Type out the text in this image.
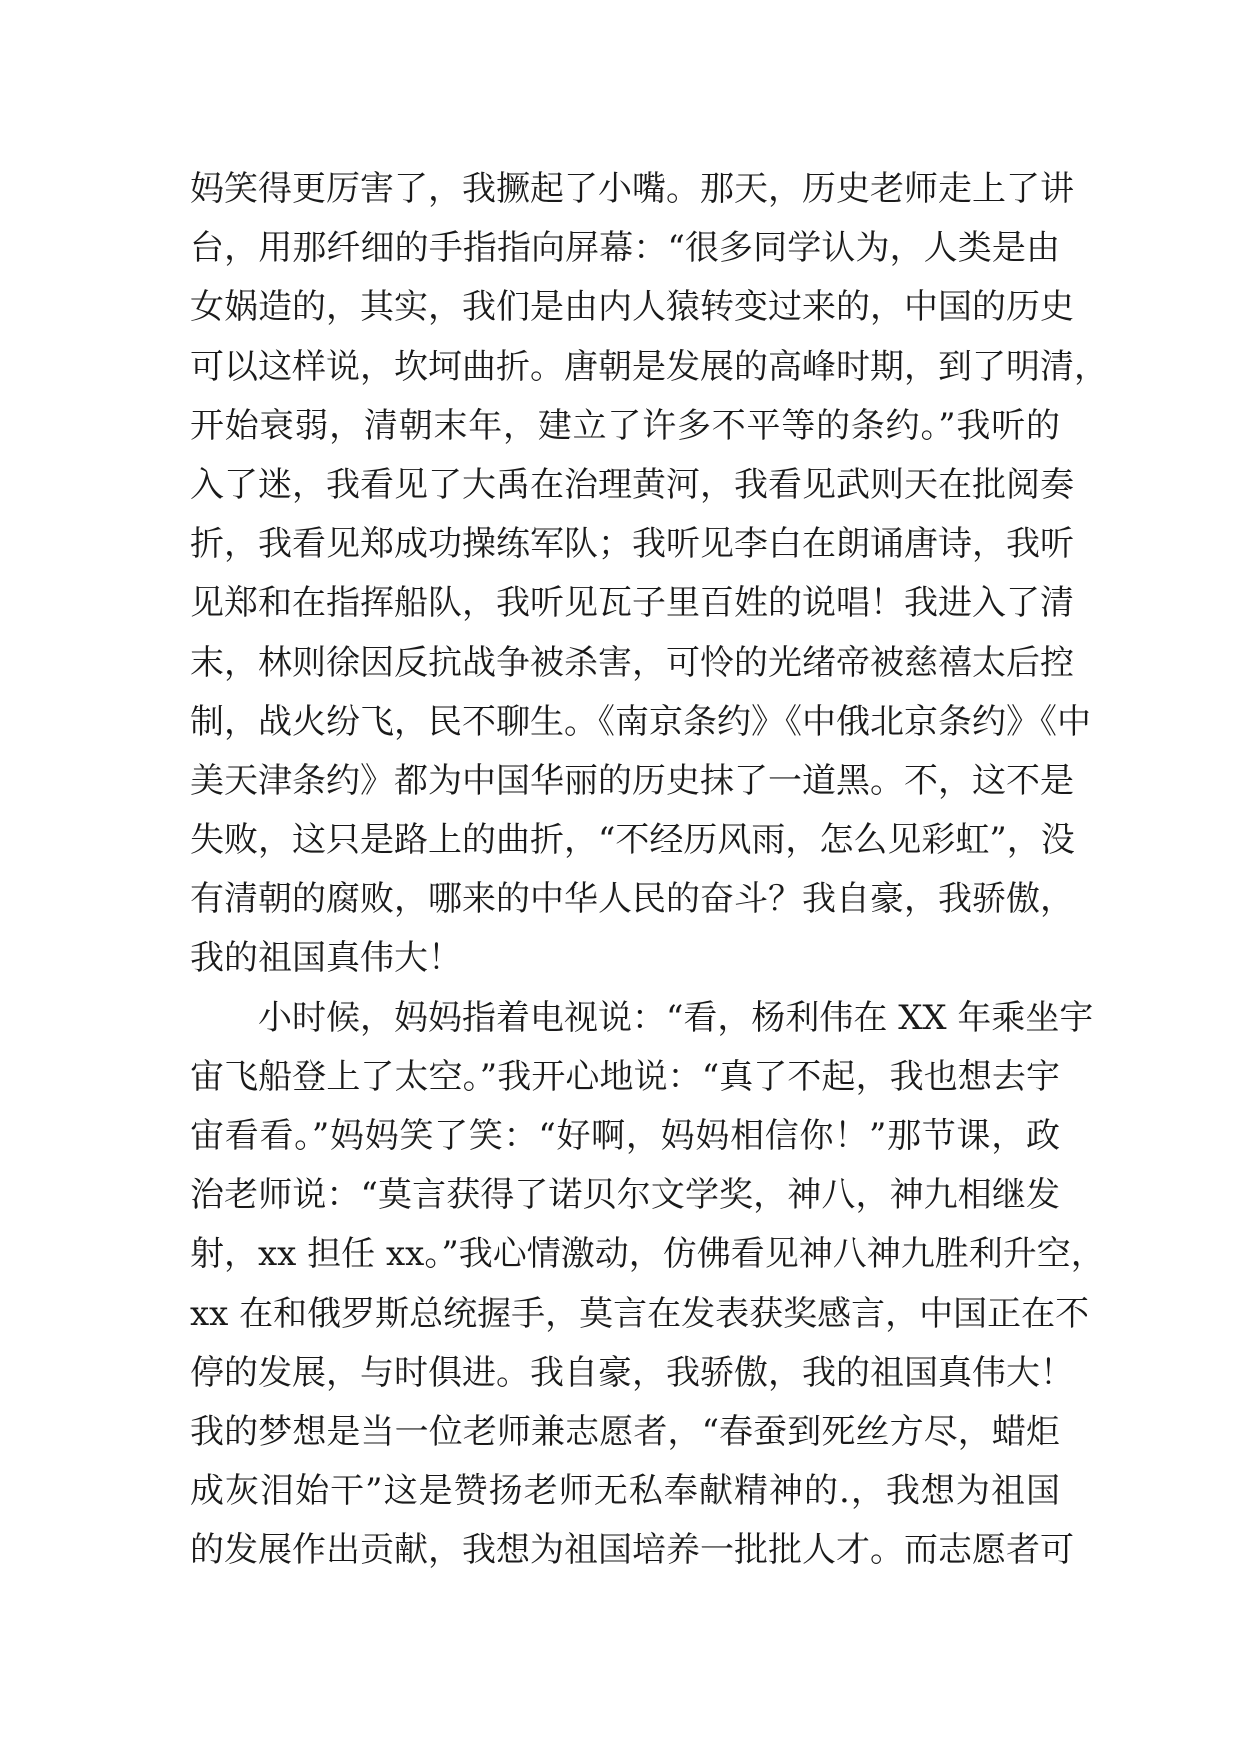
妈笑得更厉害了，我撅起了小嘴。那天，历史老师走上了讲
台，用那纤细的手指指向屏幕：“很多同学认为，人类是由
女娲造的，其实，我们是由内人猿转变过来的，中国的历史
可以这样说，坎坷曲折。唐朝是发展的高峰时期，到了明清，
开始衰弱，清朝末年，建立了许多不平等的条约。”我听的
入了迷，我看见了大禹在治理黄河，我看见武则天在批阅奏
折，我看见郑成功操练军队；我听见李白在朗诵唐诗，我听
见郑和在指挥船队，我听见瓦子里百姓的说唱！我进入了清
末，林则徐因反抗战争被杀害，可怜的光绪帝被慈禧太后控
制，战火纷飞，民不聊生。《南京条约》《中俄北京条约》《中
美天津条约》都为中国华丽的历史抹了一道黑。不，这不是
失败，这只是路上的曲折，“不经历风雨，怎么见彩虹”，没
有清朝的腐败，哪来的中华人民的奋斗？我自豪，我骄傲，
我的祖国真伟大！
小时候，妈妈指着电视说：“看，杨利伟在 XX 年乘坐宇
宙飞船登上了太空。”我开心地说：“真了不起，我也想去宇
宙看看。”妈妈笑了笑：“好啊，妈妈相信你！”那节课，政
治老师说：“莫言获得了诺贝尔文学奖，神八，神九相继发
射，xx 担任 xx。”我心情激动，仿佛看见神八神九胜利升空，
xx 在和俄罗斯总统握手，莫言在发表获奖感言，中国正在不
停的发展，与时俱进。我自豪，我骄傲，我的祖国真伟大！
我的梦想是当一位老师兼志愿者，“春蚕到死丝方尽，蜡炬
成灰泪始干”这是赞扬老师无私奉献精神的.，我想为祖国
的发展作出贡献，我想为祖国培养一批批人才。而志愿者可
